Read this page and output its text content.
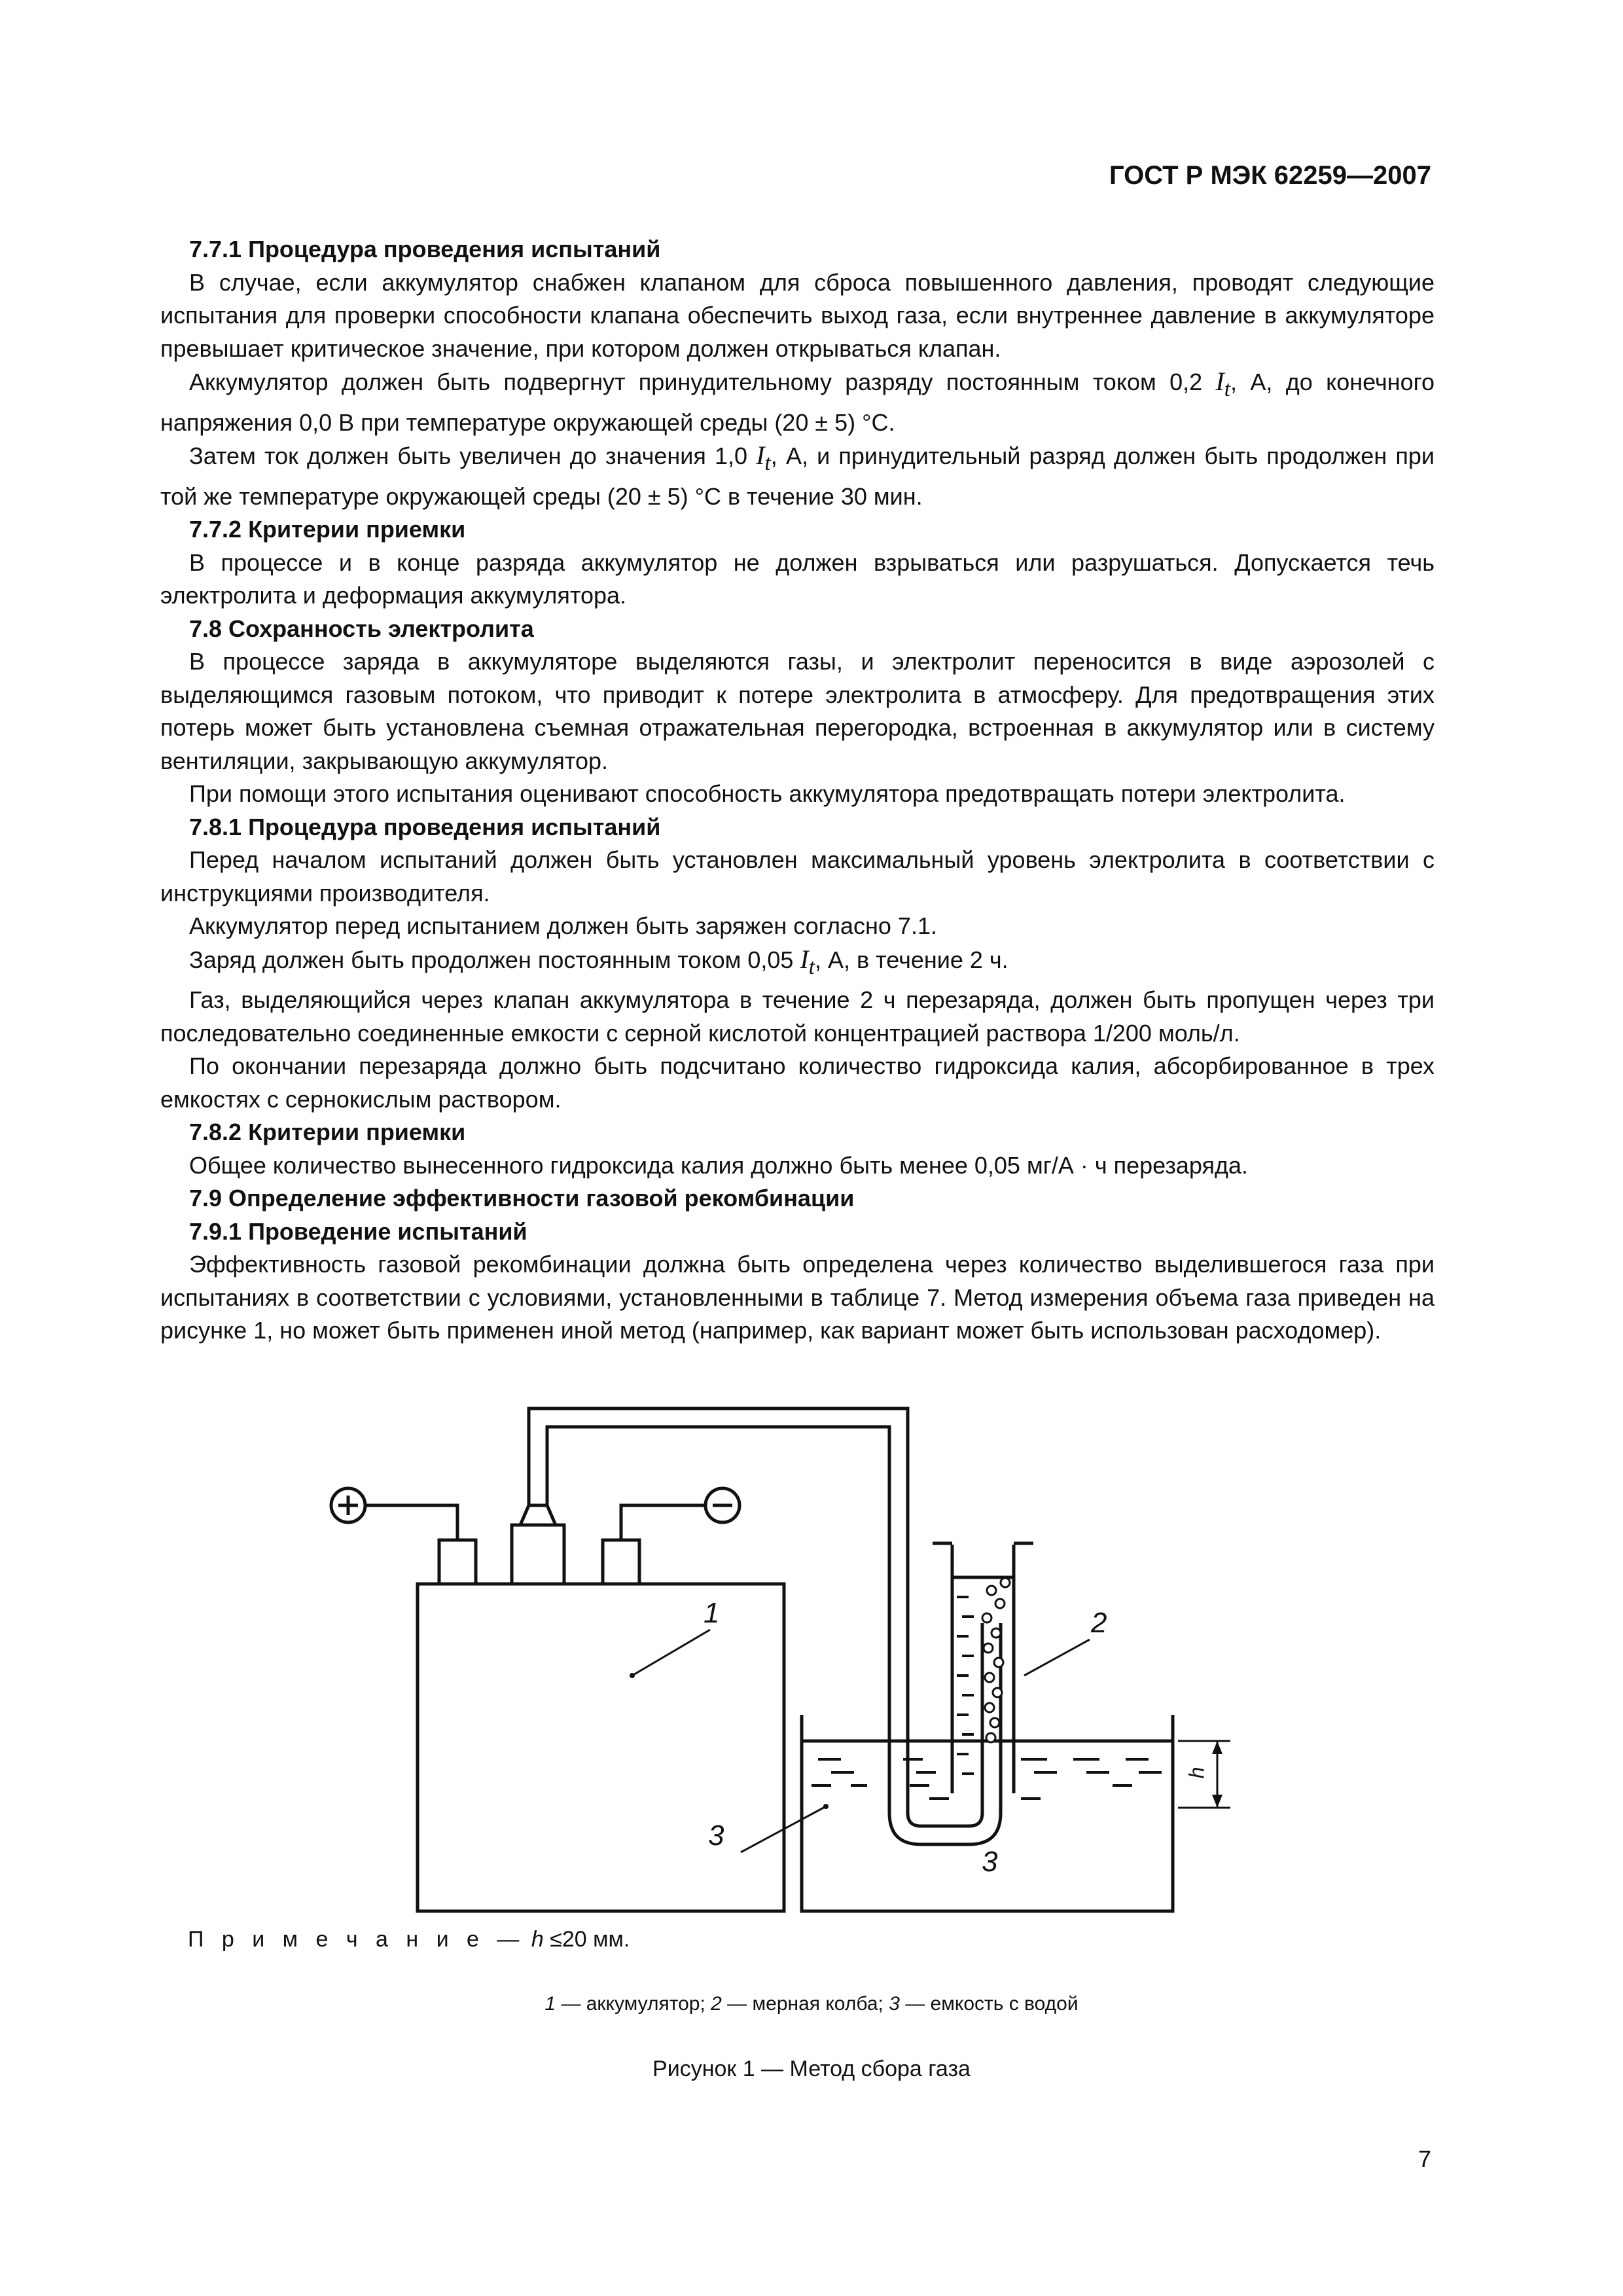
ГОСТ Р МЭК 62259—2007
7.7.1 Процедура проведения испытаний

В случае, если аккумулятор снабжен клапаном для сброса повышенного давления, проводят следующие испытания для проверки способности клапана обеспечить выход газа, если внутреннее давление в аккумуляторе превышает критическое значение, при котором должен открываться клапан.

Аккумулятор должен быть подвергнут принудительному разряду постоянным током 0,2 $I_t$, А, до конечного напряжения 0,0 В при температуре окружающей среды (20 ± 5) °С.

Затем ток должен быть увеличен до значения 1,0 $I_t$, А, и принудительный разряд должен быть продолжен при той же температуре окружающей среды (20 ± 5) °С в течение 30 мин.

7.7.2 Критерии приемки

В процессе и в конце разряда аккумулятор не должен взрываться или разрушаться. Допускается течь электролита и деформация аккумулятора.

7.8 Сохранность электролита

В процессе заряда в аккумуляторе выделяются газы, и электролит переносится в виде аэрозолей с выделяющимся газовым потоком, что приводит к потере электролита в атмосферу. Для предотвращения этих потерь может быть установлена съемная отражательная перегородка, встроенная в аккумулятор или в систему вентиляции, закрывающую аккумулятор.

При помощи этого испытания оценивают способность аккумулятора предотвращать потери электролита.

7.8.1 Процедура проведения испытаний

Перед началом испытаний должен быть установлен максимальный уровень электролита в соответствии с инструкциями производителя.

Аккумулятор перед испытанием должен быть заряжен согласно 7.1.

Заряд должен быть продолжен постоянным током 0,05 $I_t$, А, в течение 2 ч.

Газ, выделяющийся через клапан аккумулятора в течение 2 ч перезаряда, должен быть пропущен через три последовательно соединенные емкости с серной кислотой концентрацией раствора 1/200 моль/л.

По окончании перезаряда должно быть подсчитано количество гидроксида калия, абсорбированное в трех емкостях с сернокислым раствором.

7.8.2 Критерии приемки

Общее количество вынесенного гидроксида калия должно быть менее 0,05 мг/А · ч перезаряда.

7.9 Определение эффективности газовой рекомбинации
7.9.1 Проведение испытаний

Эффективность газовой рекомбинации должна быть определена через количество выделившегося газа при испытаниях в соответствии с условиями, установленными в таблице 7. Метод измерения объема газа приведен на рисунке 1, но может быть применен иной метод (например, как вариант может быть использован расходомер).

1	2
3
3
h
П р и м е ч а н и е — h ≤20 мм.
1 — аккумулятор; 2 — мерная колба; 3 — емкость с водой
Рисунок 1 — Метод сбора газа
7
